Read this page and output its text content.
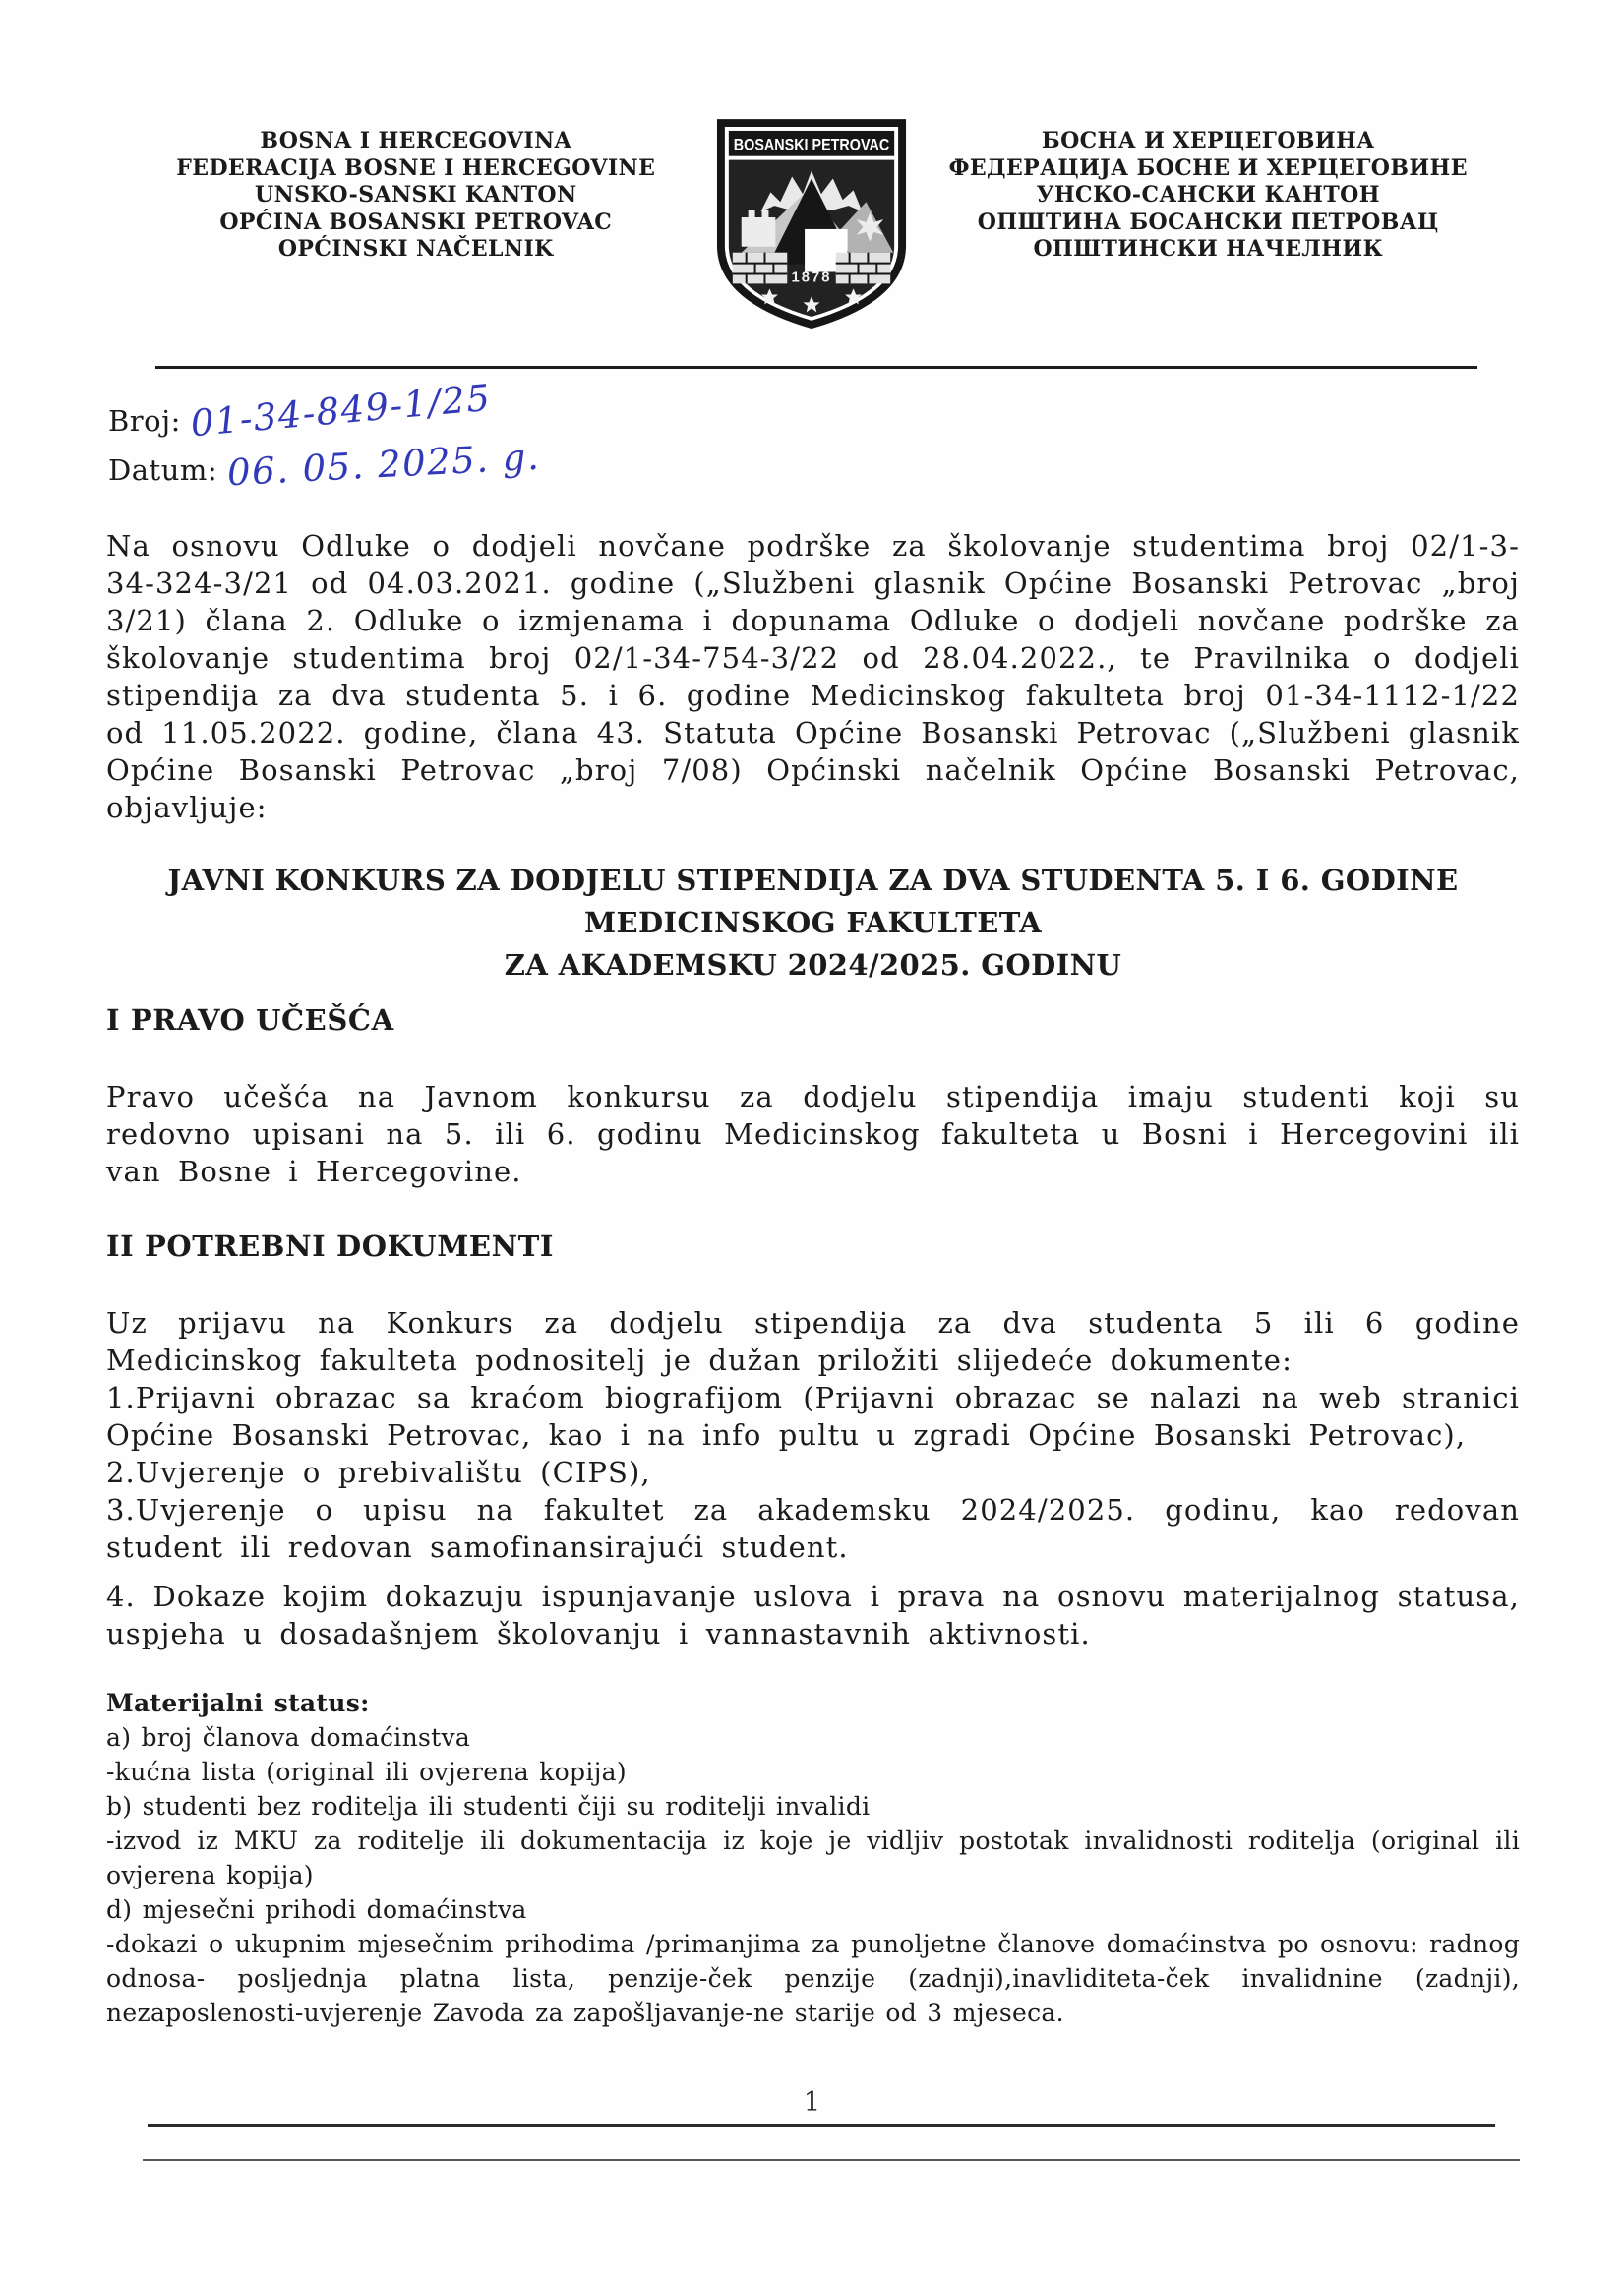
BOSNA I HERCEGOVINA
FEDERACIJA BOSNE I HERCEGOVINE
UNSKO-SANSKI KANTON
OPĆINA BOSANSKI PETROVAC
OPĆINSKI NAČELNIK
BOSANSKI PETROVAC
1878
БОСНА И ХЕРЦЕГОВИНА
ФЕДЕРАЦИЈА БОСНЕ И ХЕРЦЕГОВИНЕ
УНСКО-САНСКИ КАНТОН
ОПШТИНА БОСАНСКИ ПЕТРОВАЦ
ОПШТИНСКИ НАЧЕЛНИК
Broj: 01-34-849-1/25
Datum: 06. 05. 2025. g.
Na osnovu Odluke o dodjeli novčane podrške za školovanje studentima broj 02/1-3-34-324-3/21 od 04.03.2021. godine („Službeni glasnik Općine Bosanski Petrovac „broj 3/21) člana 2. Odluke o izmjenama i dopunama Odluke o dodjeli novčane podrške za školovanje studentima broj 02/1-34-754-3/22 od 28.04.2022., te Pravilnika o dodjeli stipendija za dva studenta 5. i 6. godine Medicinskog fakulteta broj 01-34-1112-1/22 od 11.05.2022. godine, člana 43. Statuta Općine Bosanski Petrovac („Službeni glasnik Općine Bosanski Petrovac „broj 7/08) Općinski načelnik Općine Bosanski Petrovac, objavljuje:
JAVNI KONKURS ZA DODJELU STIPENDIJA ZA DVA STUDENTA 5. I 6. GODINE
MEDICINSKOG FAKULTETA
ZA AKADEMSKU 2024/2025. GODINU
I PRAVO UČEŠĆA
Pravo učešća na Javnom konkursu za dodjelu stipendija imaju studenti koji su redovno upisani na 5. ili 6. godinu Medicinskog fakulteta u Bosni i Hercegovini ili van Bosne i Hercegovine.
II POTREBNI DOKUMENTI
Uz prijavu na Konkurs za dodjelu stipendija za dva studenta 5 ili 6 godine Medicinskog fakulteta podnositelj je dužan priložiti slijedeće dokumente:
1.Prijavni obrazac sa kraćom biografijom (Prijavni obrazac se nalazi na web stranici Općine Bosanski Petrovac, kao i na info pultu u zgradi Općine Bosanski Petrovac),
2.Uvjerenje o prebivalištu (CIPS),
3.Uvjerenje o upisu na fakultet za akademsku 2024/2025. godinu, kao redovan student ili redovan samofinansirajući student.
4. Dokaze kojim dokazuju ispunjavanje uslova i prava na osnovu materijalnog statusa, uspjeha u dosadašnjem školovanju i vannastavnih aktivnosti.
Materijalni status:
a) broj članova domaćinstva
-kućna lista (original ili ovjerena kopija)
b) studenti bez roditelja ili studenti čiji su roditelji invalidi
-izvod iz MKU za roditelje ili dokumentacija iz koje je vidljiv postotak invalidnosti roditelja (original ili ovjerena kopija)
d) mjesečni prihodi domaćinstva
-dokazi o ukupnim mjesečnim prihodima /primanjima za punoljetne članove domaćinstva po osnovu: radnog odnosa- posljednja platna lista, penzije-ček penzije (zadnji),inavliditeta-ček invalidnine (zadnji), nezaposlenosti-uvjerenje Zavoda za zapošljavanje-ne starije od 3 mjeseca.
1
